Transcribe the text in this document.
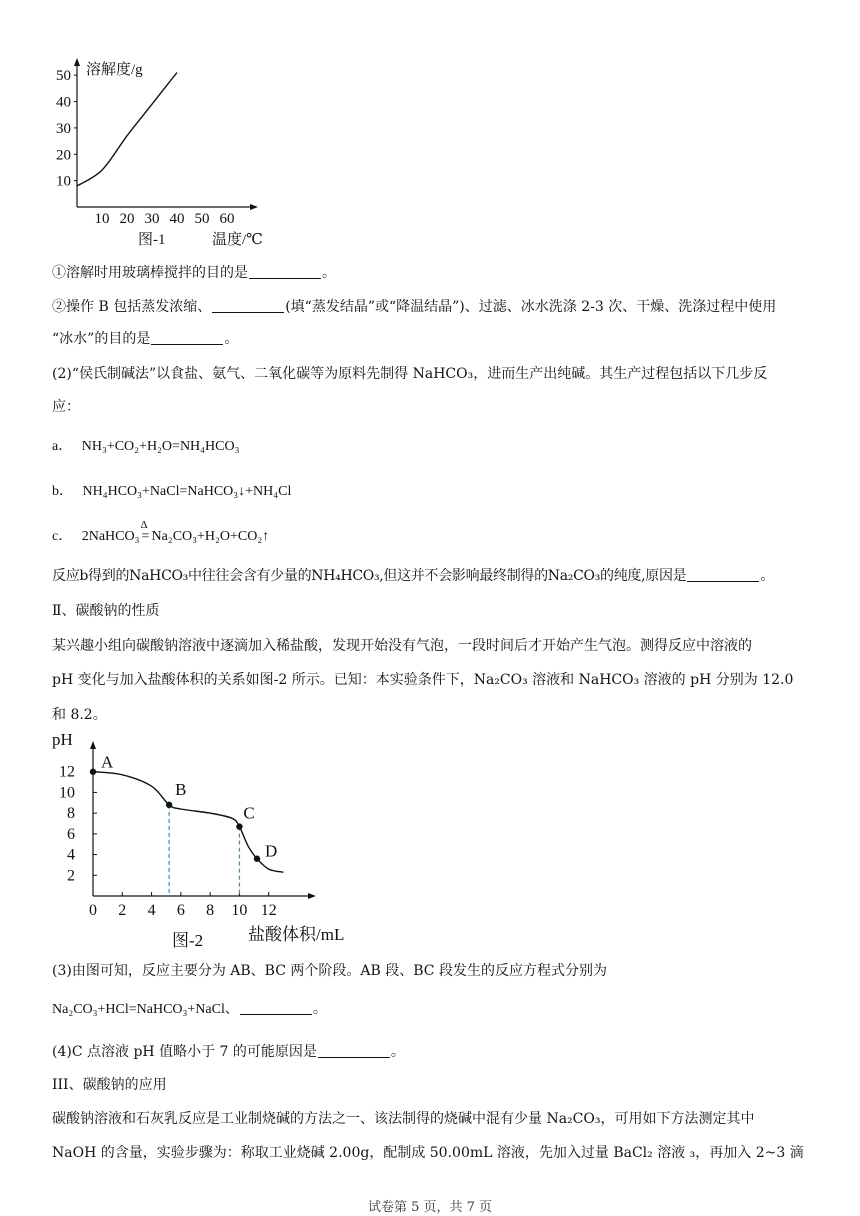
10
20
30
40
50
10 20 30 40 50 60
溶解度/g
图-1	温度/℃
①溶解时用玻璃棒搅拌的目的是	。
②操作 B 包括蒸发浓缩、	(填“蒸发结晶”或“降温结晶”)、过滤、冰水洗涤 2-3 次、干燥、洗涤过程中使用
“冰水”的目的是	。
(2)“侯氏制碱法”以食盐、氨气、二氧化碳等为原料先制得 NaHCO₃，进而生产出纯碱。其生产过程包括以下几步反
应：
a． NH₃+CO₂+H₂O=NH₄HCO₃
b． NH₄HCO₃+NaCl=NaHCO₃↓+NH₄Cl
c． 2NaHCO₃
Δ
= Na₂CO₃+H₂O+CO₂↑
反应b得到的NaHCO₃中往往会含有少量的NH₄HCO₃,但这并不会影响最终制得的Na₂CO₃的纯度,原因是	。
Ⅱ、碳酸钠的性质
某兴趣小组向碳酸钠溶液中逐滴加入稀盐酸，发现开始没有气泡，一段时间后才开始产生气泡。测得反应中溶液的
pH 变化与加入盐酸体积的关系如图-2 所示。已知：本实验条件下，Na₂CO₃ 溶液和 NaHCO₃ 溶液的 pH 分别为 12.0
和 8.2。
2
4
6
8
10
12
0 2 4 6 8 10 12
A
B
C
D
pH
图-2	盐酸体积/mL
(3)由图可知，反应主要分为 AB、BC 两个阶段。AB 段、BC 段发生的反应方程式分别为
Na₂CO₃+HCl=NaHCO₃+NaCl、	。
(4)C 点溶液 pH 值略小于 7 的可能原因是	。
III、碳酸钠的应用
碳酸钠溶液和石灰乳反应是工业制烧碱的方法之一、该法制得的烧碱中混有少量 Na₂CO₃，可用如下方法测定其中
NaOH 的含量，实验步骤为：称取工业烧碱 2.00g，配制成 50.00mL 溶液，先加入过量 BaCl₂ 溶液 ₃，再加入 2~3 滴
试卷第 5 页，共 7 页
